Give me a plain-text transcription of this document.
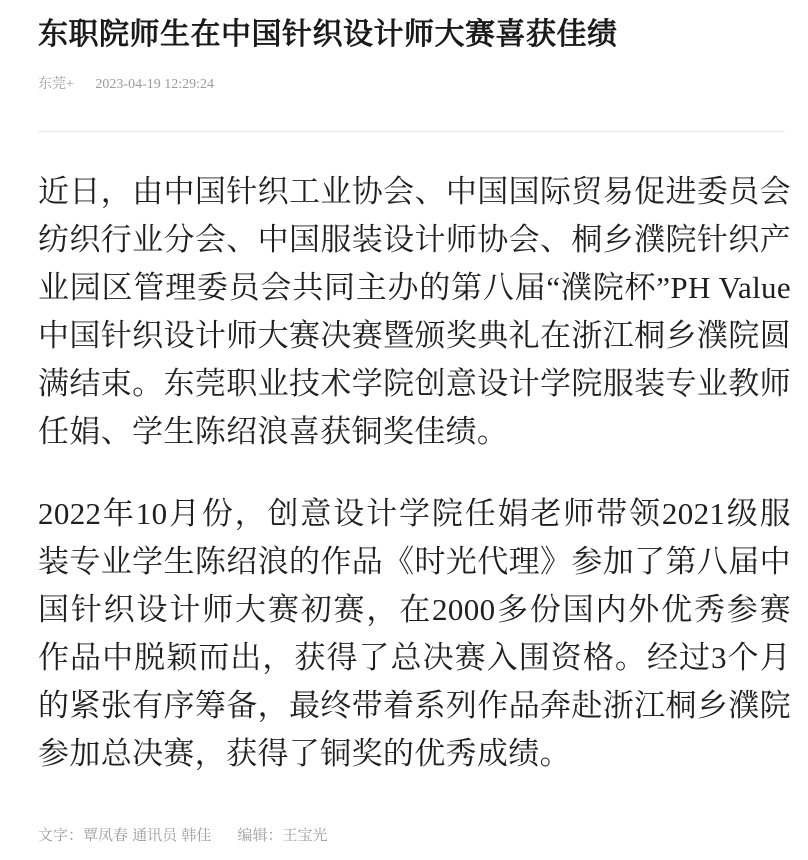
东职院师生在中国针织设计师大赛喜获佳绩
东莞+ 2023-04-19 12:29:24

近日，由中国针织工业协会、中国国际贸易促进委员会纺织行业分会、中国服装设计师协会、桐乡濮院针织产业园区管理委员会共同主办的第八届“濮院杯”PH Value中国针织设计师大赛决赛暨颁奖典礼在浙江桐乡濮院圆满结束。东莞职业技术学院创意设计学院服装专业教师任娟、学生陈绍浪喜获铜奖佳绩。

2022年10月份，创意设计学院任娟老师带领2021级服装专业学生陈绍浪的作品《时光代理》参加了第八届中国针织设计师大赛初赛，在2000多份国内外优秀参赛作品中脱颖而出，获得了总决赛入围资格。经过3个月的紧张有序筹备，最终带着系列作品奔赴浙江桐乡濮院参加总决赛，获得了铜奖的优秀成绩。

文字：覃凤春 通讯员 韩佳 编辑：王宝光
